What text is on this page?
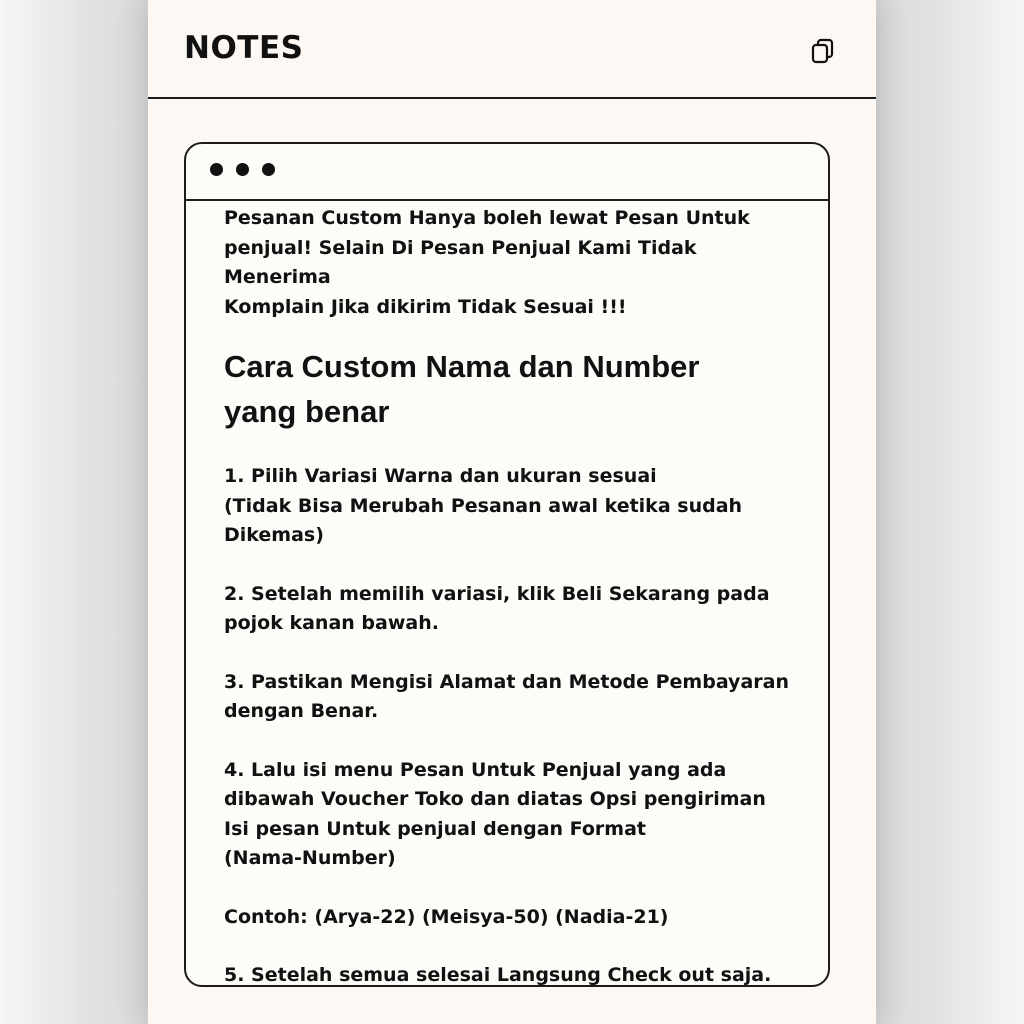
NOTES

Pesanan Custom Hanya boleh lewat Pesan Untuk
penjual! Selain Di Pesan Penjual Kami Tidak Menerima
Komplain Jika dikirim Tidak Sesuai !!!

Cara Custom Nama dan Number
yang benar

1. Pilih Variasi Warna dan ukuran sesuai
(Tidak Bisa Merubah Pesanan awal ketika sudah
Dikemas)

2. Setelah memilih variasi, klik Beli Sekarang pada
pojok kanan bawah.

3. Pastikan Mengisi Alamat dan Metode Pembayaran
dengan Benar.

4. Lalu isi menu Pesan Untuk Penjual yang ada
dibawah Voucher Toko dan diatas Opsi pengiriman
Isi pesan Untuk penjual dengan Format
(Nama-Number)

Contoh: (Arya-22) (Meisya-50) (Nadia-21)

5. Setelah semua selesai Langsung Check out saja.
